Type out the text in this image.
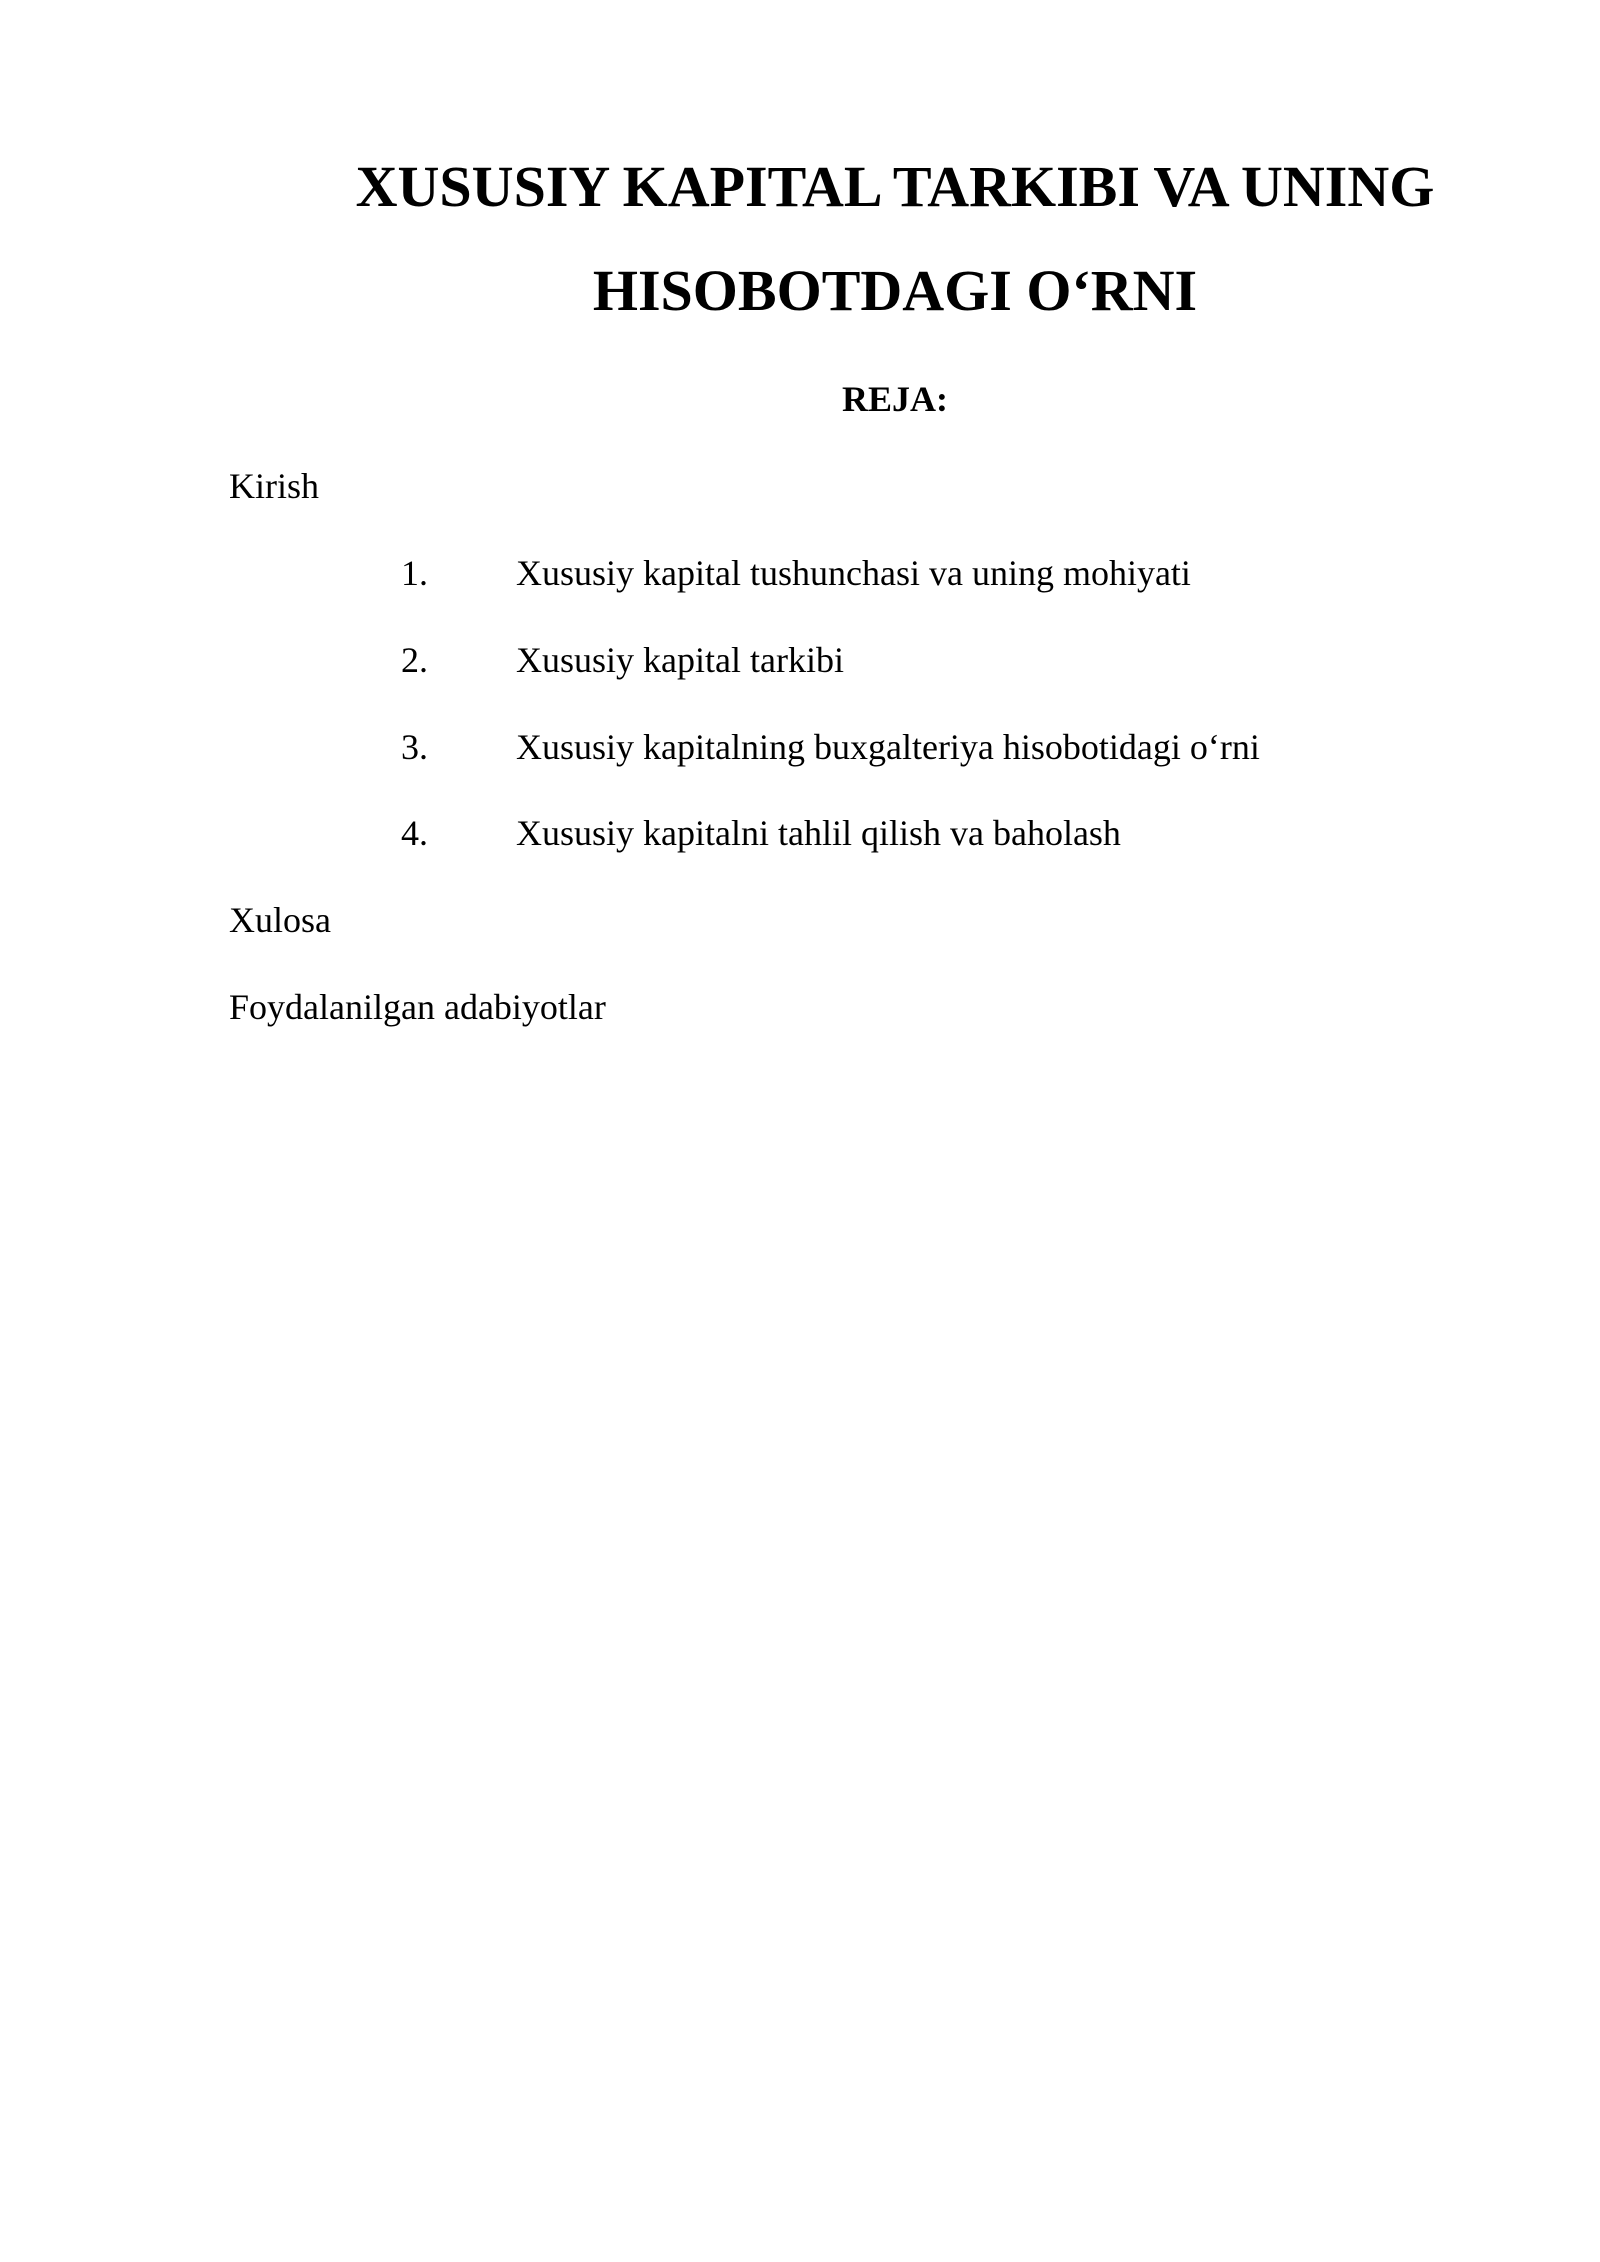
XUSUSIY KAPITAL TARKIBI VA UNING
HISOBOTDAGI O‘RNI
REJA:

Kirish

1. Xususiy kapital tushunchasi va uning mohiyati
2. Xususiy kapital tarkibi
3. Xususiy kapitalning buxgalteriya hisobotidagi o‘rni
4. Xususiy kapitalni tahlil qilish va baholash

Xulosa

Foydalanilgan adabiyotlar
